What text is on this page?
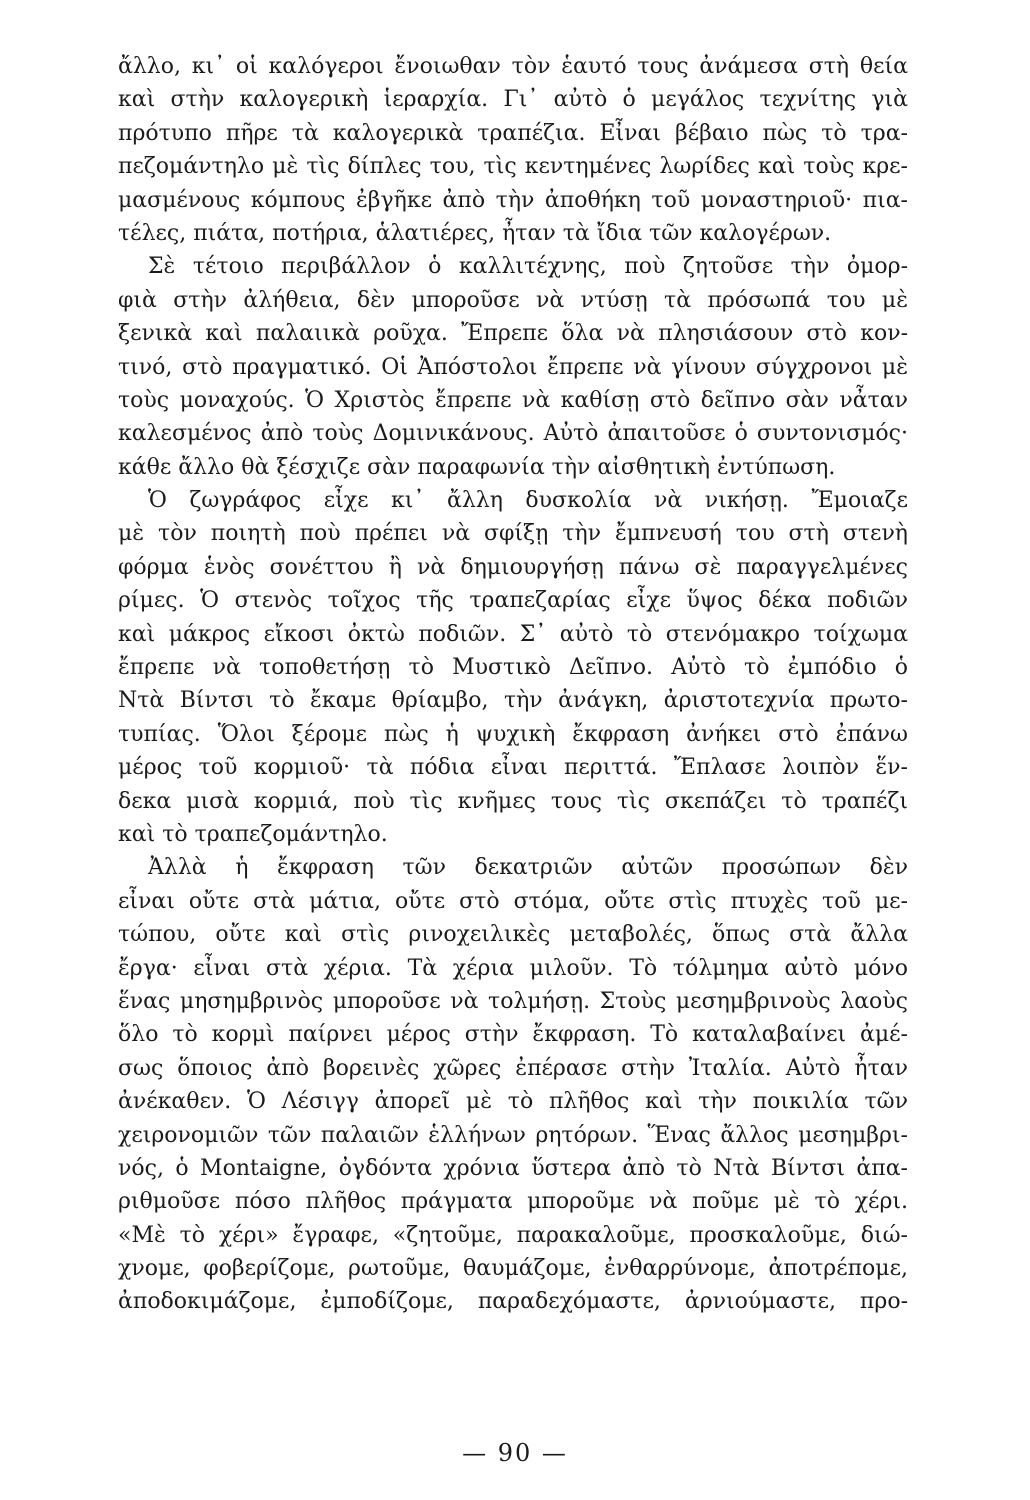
ἄλλο, κι᾽ οἱ καλόγεροι ἔνοιωθαν τὸν ἑαυτό τους ἀνάμεσα στὴ θεία
καὶ στὴν καλογερικὴ ἱεραρχία. Γι᾽ αὐτὸ ὁ μεγάλος τεχνίτης γιὰ
πρότυπο πῆρε τὰ καλογερικὰ τραπέζια. Εἶναι βέβαιο πὼς τὸ τρα-
πεζομάντηλο μὲ τὶς δίπλες του, τὶς κεντημένες λωρίδες καὶ τοὺς κρε-
μασμένους κόμπους ἐβγῆκε ἀπὸ τὴν ἀποθήκη τοῦ μοναστηριοῦ· πια-
τέλες, πιάτα, ποτήρια, ἁλατιέρες, ἦταν τὰ ἴδια τῶν καλογέρων.
Σὲ τέτοιο περιβάλλον ὁ καλλιτέχνης, ποὺ ζητοῦσε τὴν ὀμορ-
φιὰ στὴν ἀλήθεια, δὲν μποροῦσε νὰ ντύσῃ τὰ πρόσωπά του μὲ
ξενικὰ καὶ παλαιικὰ ροῦχα. Ἔπρεπε ὅλα νὰ πλησιάσουν στὸ κον-
τινό, στὸ πραγματικό. Οἱ Ἀπόστολοι ἔπρεπε νὰ γίνουν σύγχρονοι μὲ
τοὺς μοναχούς. Ὁ Χριστὸς ἔπρεπε νὰ καθίσῃ στὸ δεῖπνο σὰν νἆταν
καλεσμένος ἀπὸ τοὺς Δομινικάνους. Αὐτὸ ἀπαιτοῦσε ὁ συντονισμός·
κάθε ἄλλο θὰ ξέσχιζε σὰν παραφωνία τὴν αἰσθητικὴ ἐντύπωση.
Ὁ ζωγράφος εἶχε κι᾽ ἄλλη δυσκολία νὰ νικήσῃ. Ἔμοιαζε
μὲ τὸν ποιητὴ ποὺ πρέπει νὰ σφίξῃ τὴν ἔμπνευσή του στὴ στενὴ
φόρμα ἑνὸς σονέττου ἢ νὰ δημιουργήσῃ πάνω σὲ παραγγελμένες
ρίμες. Ὁ στενὸς τοῖχος τῆς τραπεζαρίας εἶχε ὕψος δέκα ποδιῶν
καὶ μάκρος εἴκοσι ὀκτὼ ποδιῶν. Σ᾽ αὐτὸ τὸ στενόμακρο τοίχωμα
ἔπρεπε νὰ τοποθετήσῃ τὸ Μυστικὸ Δεῖπνο. Αὐτὸ τὸ ἐμπόδιο ὁ
Ντὰ Βίντσι τὸ ἔκαμε θρίαμβο, τὴν ἀνάγκη, ἀριστοτεχνία πρωτο-
τυπίας. Ὅλοι ξέρομε πὼς ἡ ψυχικὴ ἔκφραση ἀνήκει στὸ ἐπάνω
μέρος τοῦ κορμιοῦ· τὰ πόδια εἶναι περιττά. Ἔπλασε λοιπὸν ἕν-
δεκα μισὰ κορμιά, ποὺ τὶς κνῆμες τους τὶς σκεπάζει τὸ τραπέζι
καὶ τὸ τραπεζομάντηλο.
Ἀλλὰ ἡ ἔκφραση τῶν δεκατριῶν αὐτῶν προσώπων δὲν
εἶναι οὔτε στὰ μάτια, οὔτε στὸ στόμα, οὔτε στὶς πτυχὲς τοῦ με-
τώπου, οὔτε καὶ στὶς ρινοχειλικὲς μεταβολές, ὅπως στὰ ἄλλα
ἔργα· εἶναι στὰ χέρια. Τὰ χέρια μιλοῦν. Τὸ τόλμημα αὐτὸ μόνο
ἕνας μησημβρινὸς μποροῦσε νὰ τολμήσῃ. Στοὺς μεσημβρινοὺς λαοὺς
ὅλο τὸ κορμὶ παίρνει μέρος στὴν ἔκφραση. Τὸ καταλαβαίνει ἀμέ-
σως ὅποιος ἀπὸ βορεινὲς χῶρες ἐπέρασε στὴν Ἰταλία. Αὐτὸ ἦταν
ἀνέκαθεν. Ὁ Λέσιγγ ἀπορεῖ μὲ τὸ πλῆθος καὶ τὴν ποικιλία τῶν
χειρονομιῶν τῶν παλαιῶν ἑλλήνων ρητόρων. Ἕνας ἄλλος μεσημβρι-
νός, ὁ Montaigne, ὀγδόντα χρόνια ὕστερα ἀπὸ τὸ Ντὰ Βίντσι ἀπα-
ριθμοῦσε πόσο πλῆθος πράγματα μποροῦμε νὰ ποῦμε μὲ τὸ χέρι.
«Μὲ τὸ χέρι» ἔγραφε, «ζητοῦμε, παρακαλοῦμε, προσκαλοῦμε, διώ-
χνομε, φοβερίζομε, ρωτοῦμε, θαυμάζομε, ἐνθαρρύνομε, ἀποτρέπομε,
ἀποδοκιμάζομε, ἐμποδίζομε, παραδεχόμαστε, ἀρνιούμαστε, προ-
— 90 —
